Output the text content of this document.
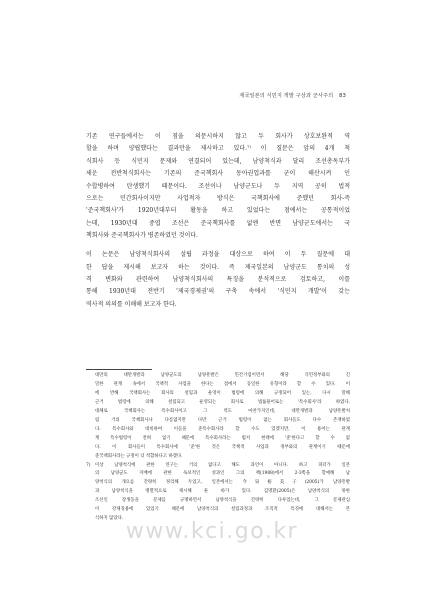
제국일본의 식민지 개발 구상과 군사주의 83
기존 연구들에서는 이 점을 의문시하지 않고 두 회사가 상호보완적 역
할을 하며 양립했다는 결과만을 제시하고 있다.⁷⁾ 이 질문은 앞의 4개 척
식회사 등 식민지 문제와 연결되어 있는데, 남양척식과 달리 조선총독부가
세운 전반척식회사는 기존의 준국책회사 동아권업과를 군이 해산시켜 인
수합병하여 탄생했기 때문이다. 조선이나 남양군도나 두 지역 공히 법적
으로는 민간회사이지만 사업적자 방식은 국책회사에 준했던 회사-즉
'준국책회사'가 1920년대부터 활동을 하고 있었다는 점에서는 공통적이었
는데, 1930년대 중엽 조선은 준국책회사를 없앤 반면 남양군도에서는 국
책회사와 준국책회사가 병존하였던 것이다.
이 논문은 남양척식회사의 설립 과정을 대상으로 하여 이 두 질문에 대
한 답을 제시해 보고자 하는 것이다. 즉 제국일본의 남양군도 통치의 성
격 변화와 관련하여 남양척식회사의 특징을 분석적으로 검토하고, 이를
통해 1930년대 전반기 '제국경제권'의 구축 속에서 '식민지 개발'이 갖는
역사적 의의를 이해해 보고자 한다.
대만의 대만개발과 남양군도의 남양흥발은 민간기업이면서 해당 식민정부와의 긴
밀한 관계 속에서 국책적 사업을 한다는 점에서 동일한 유형이라 할 수 있다. 이
에 반해 국책회사는 회사의 설립과 운영이 법령에 의해 규정되어 있는, 다시 말해
근거 법령에 의해 설립되고 운영되는 회사로 법률용어로는 '특수회사'라 하였다.
대체로 국책회사는 특수회사이고 그 역도 마찬가지인데, 대만개발과 남양흥발처
럼 거의 국책회사나 다름없지만 다만 근거 법령이 없는 회사들도 다수 존재하였
다. 특수회사와 대비하여 이들을 준특수회사라 할 수도 있겠지만, 이 용어는 관계
계 특수법령이 전혀 없기 때문에 특수회사라는 범저 현태에 '준'한다고 할 수 없
다. 이 회사들이 특수회사에 '준'한 것은 국책적 사업과 정부와의 관계이기 때문에
준국책회사라는 규정이 더 적합하다고 하겠다.
7) 이상 남양척식에 관한 연구는 거의 없다고 해도 과언이 아니다. 하고 피터가 일본
의 남양군도 지배에 관한 독보적인 성과인 그의 책(1988)에서 2-3쪽을 할애해 남
양척식의 개요를 간략히 정리해 두었고, 일본에서는 今泉裕美子(2005)가 남양흥발
과 남양척식을 병렬적으로 제시해 둔 바가 있다. 김명환(2005)은 남양척식의 위한
조선인 장생동을 문제를 규명하면서 남양척식을 간략히 다루었는데, 그 문제관심
이 강제징용에 있었기 때문에 남양척식의 설립과정과 조직적 특징에 대해서는 본
식하지 않았다.
www.kci.go.kr
